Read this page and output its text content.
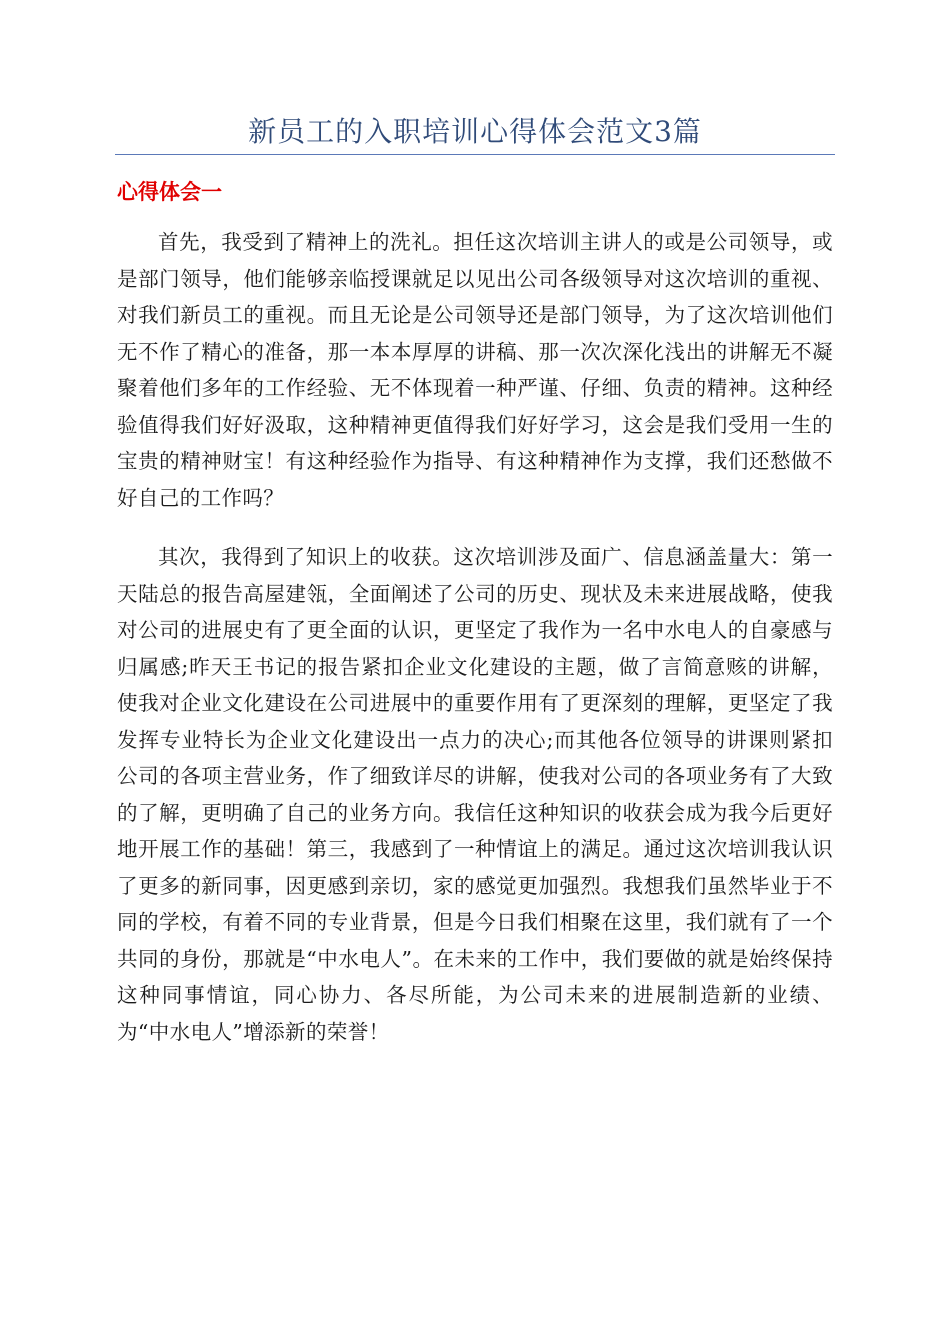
新员工的入职培训心得体会范文3篇
心得体会一

首先，我受到了精神上的洗礼。担任这次培训主讲人的或是公司领导，或是部门领导，他们能够亲临授课就足以见出公司各级领导对这次培训的重视、对我们新员工的重视。而且无论是公司领导还是部门领导，为了这次培训他们无不作了精心的准备，那一本本厚厚的讲稿、那一次次深化浅出的讲解无不凝聚着他们多年的工作经验、无不体现着一种严谨、仔细、负责的精神。这种经验值得我们好好汲取，这种精神更值得我们好好学习，这会是我们受用一生的宝贵的精神财宝！有这种经验作为指导、有这种精神作为支撑，我们还愁做不好自己的工作吗？

其次，我得到了知识上的收获。这次培训涉及面广、信息涵盖量大：第一天陆总的报告高屋建瓴，全面阐述了公司的历史、现状及未来进展战略，使我对公司的进展史有了更全面的认识，更坚定了我作为一名中水电人的自豪感与归属感;昨天王书记的报告紧扣企业文化建设的主题，做了言简意赅的讲解，使我对企业文化建设在公司进展中的重要作用有了更深刻的理解，更坚定了我发挥专业特长为企业文化建设出一点力的决心;而其他各位领导的讲课则紧扣公司的各项主营业务，作了细致详尽的讲解，使我对公司的各项业务有了大致的了解，更明确了自己的业务方向。我信任这种知识的收获会成为我今后更好地开展工作的基础！第三，我感到了一种情谊上的满足。通过这次培训我认识了更多的新同事，因更感到亲切，家的感觉更加强烈。我想我们虽然毕业于不同的学校，有着不同的专业背景，但是今日我们相聚在这里，我们就有了一个共同的身份，那就是“中水电人”。在未来的工作中，我们要做的就是始终保持这种同事情谊，同心协力、各尽所能，为公司未来的进展制造新的业绩、为“中水电人”增添新的荣誉！
